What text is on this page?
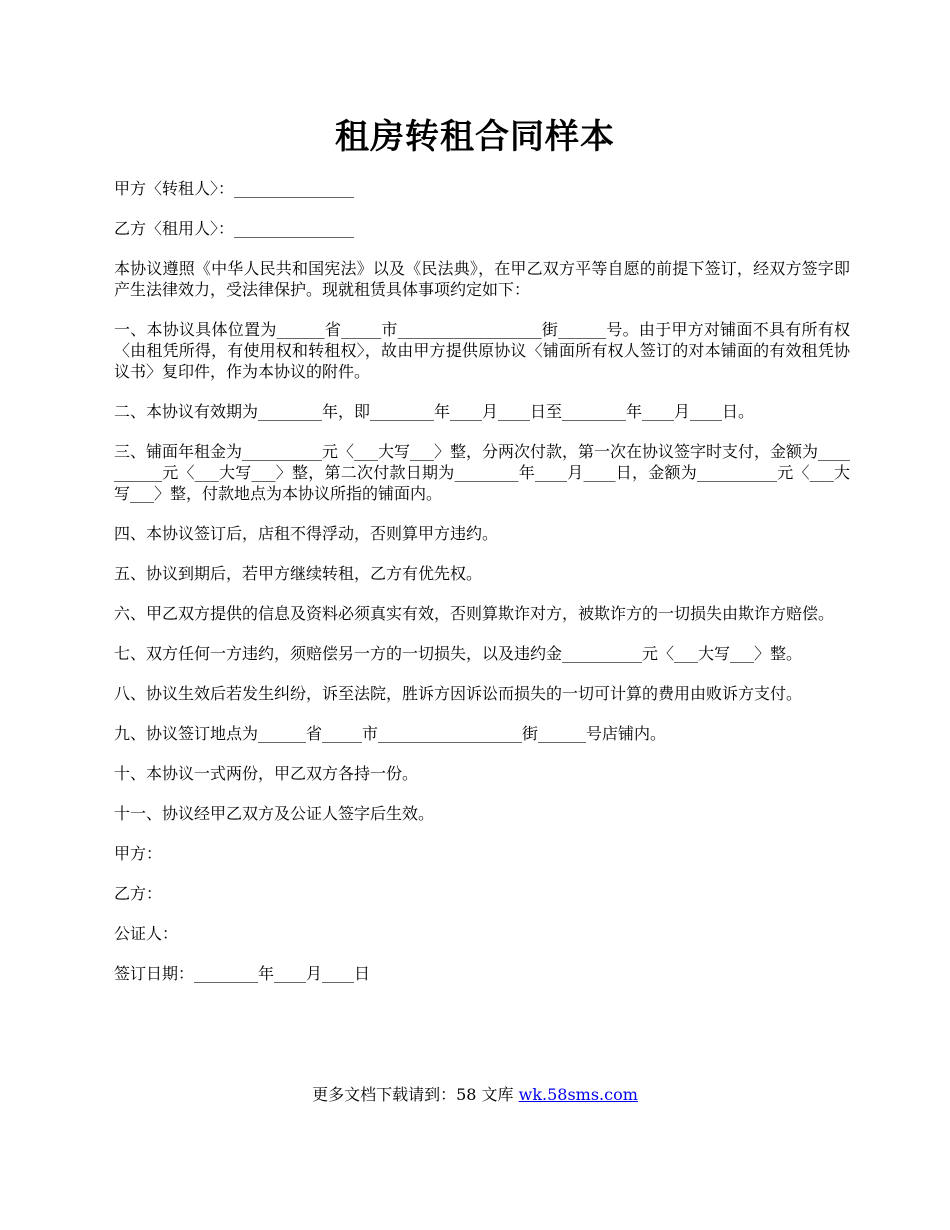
租房转租合同样本

甲方〈转租人〉：_______________

乙方〈租用人〉：_______________

本协议遵照《中华人民共和国宪法》以及《民法典》，在甲乙双方平等自愿的前提下签订，经双方签字即产生法律效力，受法律保护。现就租赁具体事项约定如下：

一、本协议具体位置为______省_____市__________________街______号。由于甲方对铺面不具有所有权〈由租凭所得，有使用权和转租权〉，故由甲方提供原协议〈铺面所有权人签订的对本铺面的有效租凭协议书〉复印件，作为本协议的附件。

二、本协议有效期为________年，即________年____月____日至________年____月____日。

三、铺面年租金为__________元〈___大写___〉整，分两次付款，第一次在协议签字时支付，金额为__________元〈___大写___〉整，第二次付款日期为________年____月____日，金额为__________元〈___大写___〉整，付款地点为本协议所指的铺面内。

四、本协议签订后，店租不得浮动，否则算甲方违约。

五、协议到期后，若甲方继续转租，乙方有优先权。

六、甲乙双方提供的信息及资料必须真实有效，否则算欺诈对方，被欺诈方的一切损失由欺诈方赔偿。

七、双方任何一方违约，须赔偿另一方的一切损失，以及违约金__________元〈___大写___〉整。

八、协议生效后若发生纠纷，诉至法院，胜诉方因诉讼而损失的一切可计算的费用由败诉方支付。

九、协议签订地点为______省_____市__________________街______号店铺内。

十、本协议一式两份，甲乙双方各持一份。

十一、协议经甲乙双方及公证人签字后生效。

甲方：

乙方：

公证人：

签订日期：________年____月____日

更多文档下载请到：58 文库 wk.58sms.com
